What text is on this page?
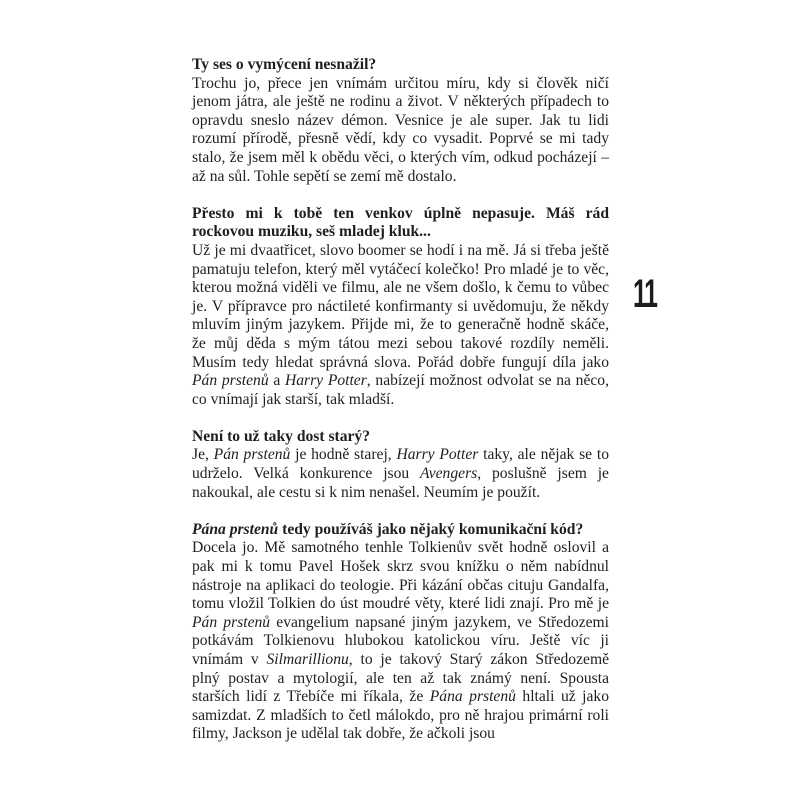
Ty ses o vymýcení nesnažil?

Trochu jo, přece jen vnímám určitou míru, kdy si člověk ničí jenom játra, ale ještě ne rodinu a život. V některých případech to opravdu sneslo název démon. Vesnice je ale super. Jak tu lidi rozumí přírodě, přesně vědí, kdy co vysadit. Poprvé se mi tady stalo, že jsem měl k obědu věci, o kterých vím, odkud pocházejí – až na sůl. Tohle sepětí se zemí mě dostalo.

Přesto mi k tobě ten venkov úplně nepasuje. Máš rád rockovou muziku, seš mladej kluk...

Už je mi dvaatřicet, slovo boomer se hodí i na mě. Já si třeba ještě pamatuju telefon, který měl vytáčecí kolečko! Pro mladé je to věc, kterou možná viděli ve filmu, ale ne všem došlo, k čemu to vůbec je. V přípravce pro náctileté konfirmanty si uvědomuju, že někdy mluvím jiným jazykem. Přijde mi, že to generačně hodně skáče, že můj děda s mým tátou mezi sebou takové rozdíly neměli. Musím tedy hledat správná slova. Pořád dobře fungují díla jako Pán prstenů a Harry Potter, nabízejí možnost odvolat se na něco, co vnímají jak starší, tak mladší.

Není to už taky dost starý?

Je, Pán prstenů je hodně starej, Harry Potter taky, ale nějak se to udrželo. Velká konkurence jsou Avengers, poslušně jsem je nakoukal, ale cestu si k nim nenašel. Neumím je použít.

Pána prstenů tedy používáš jako nějaký komunikační kód?

Docela jo. Mě samotného tenhle Tolkienův svět hodně oslovil a pak mi k tomu Pavel Hošek skrz svou knížku o něm nabídnul nástroje na aplikaci do teologie. Při kázání občas cituju Gandalfa, tomu vložil Tolkien do úst moudré věty, které lidi znají. Pro mě je Pán prstenů evangelium napsané jiným jazykem, ve Středozemi potkávám Tolkienovu hlubokou katolickou víru. Ještě víc ji vnímám v Silmarillionu, to je takový Starý zákon Středozemě plný postav a mytologií, ale ten až tak známý není. Spousta starších lidí z Třebíče mi říkala, že Pána prstenů hltali už jako samizdat. Z mladších to četl málokdo, pro ně hrajou primární roli filmy, Jackson je udělal tak dobře, že ačkoli jsou

11
